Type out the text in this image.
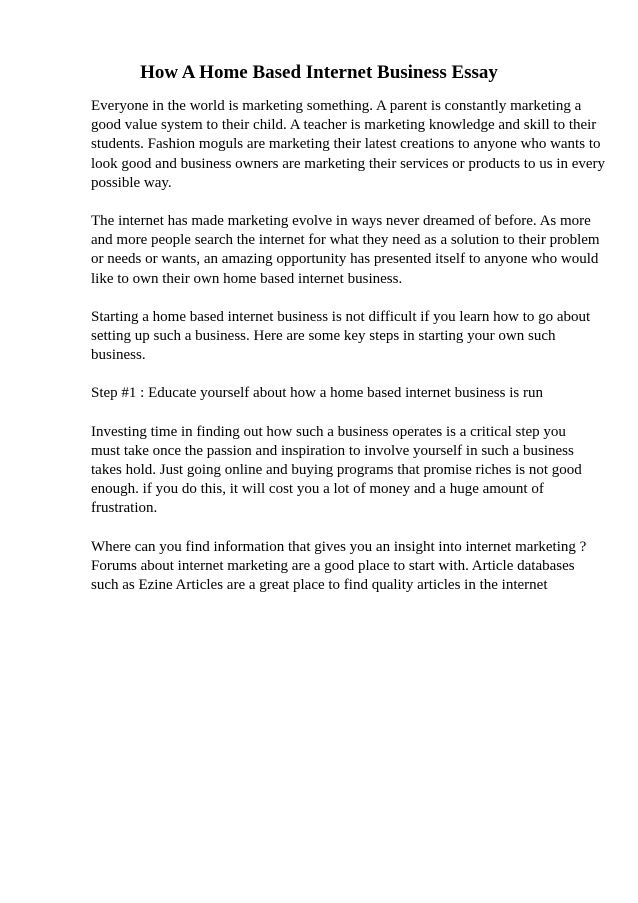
How A Home Based Internet Business Essay

Everyone in the world is marketing something. A parent is constantly marketing a
good value system to their child. A teacher is marketing knowledge and skill to their
students. Fashion moguls are marketing their latest creations to anyone who wants to
look good and business owners are marketing their services or products to us in every
possible way.

The internet has made marketing evolve in ways never dreamed of before. As more
and more people search the internet for what they need as a solution to their problem
or needs or wants, an amazing opportunity has presented itself to anyone who would
like to own their own home based internet business.

Starting a home based internet business is not difficult if you learn how to go about
setting up such a business. Here are some key steps in starting your own such
business.

Step #1 : Educate yourself about how a home based internet business is run

Investing time in finding out how such a business operates is a critical step you
must take once the passion and inspiration to involve yourself in such a business
takes hold. Just going online and buying programs that promise riches is not good
enough. if you do this, it will cost you a lot of money and a huge amount of
frustration.

Where can you find information that gives you an insight into internet marketing ?
Forums about internet marketing are a good place to start with. Article databases
such as Ezine Articles are a great place to find quality articles in the internet
